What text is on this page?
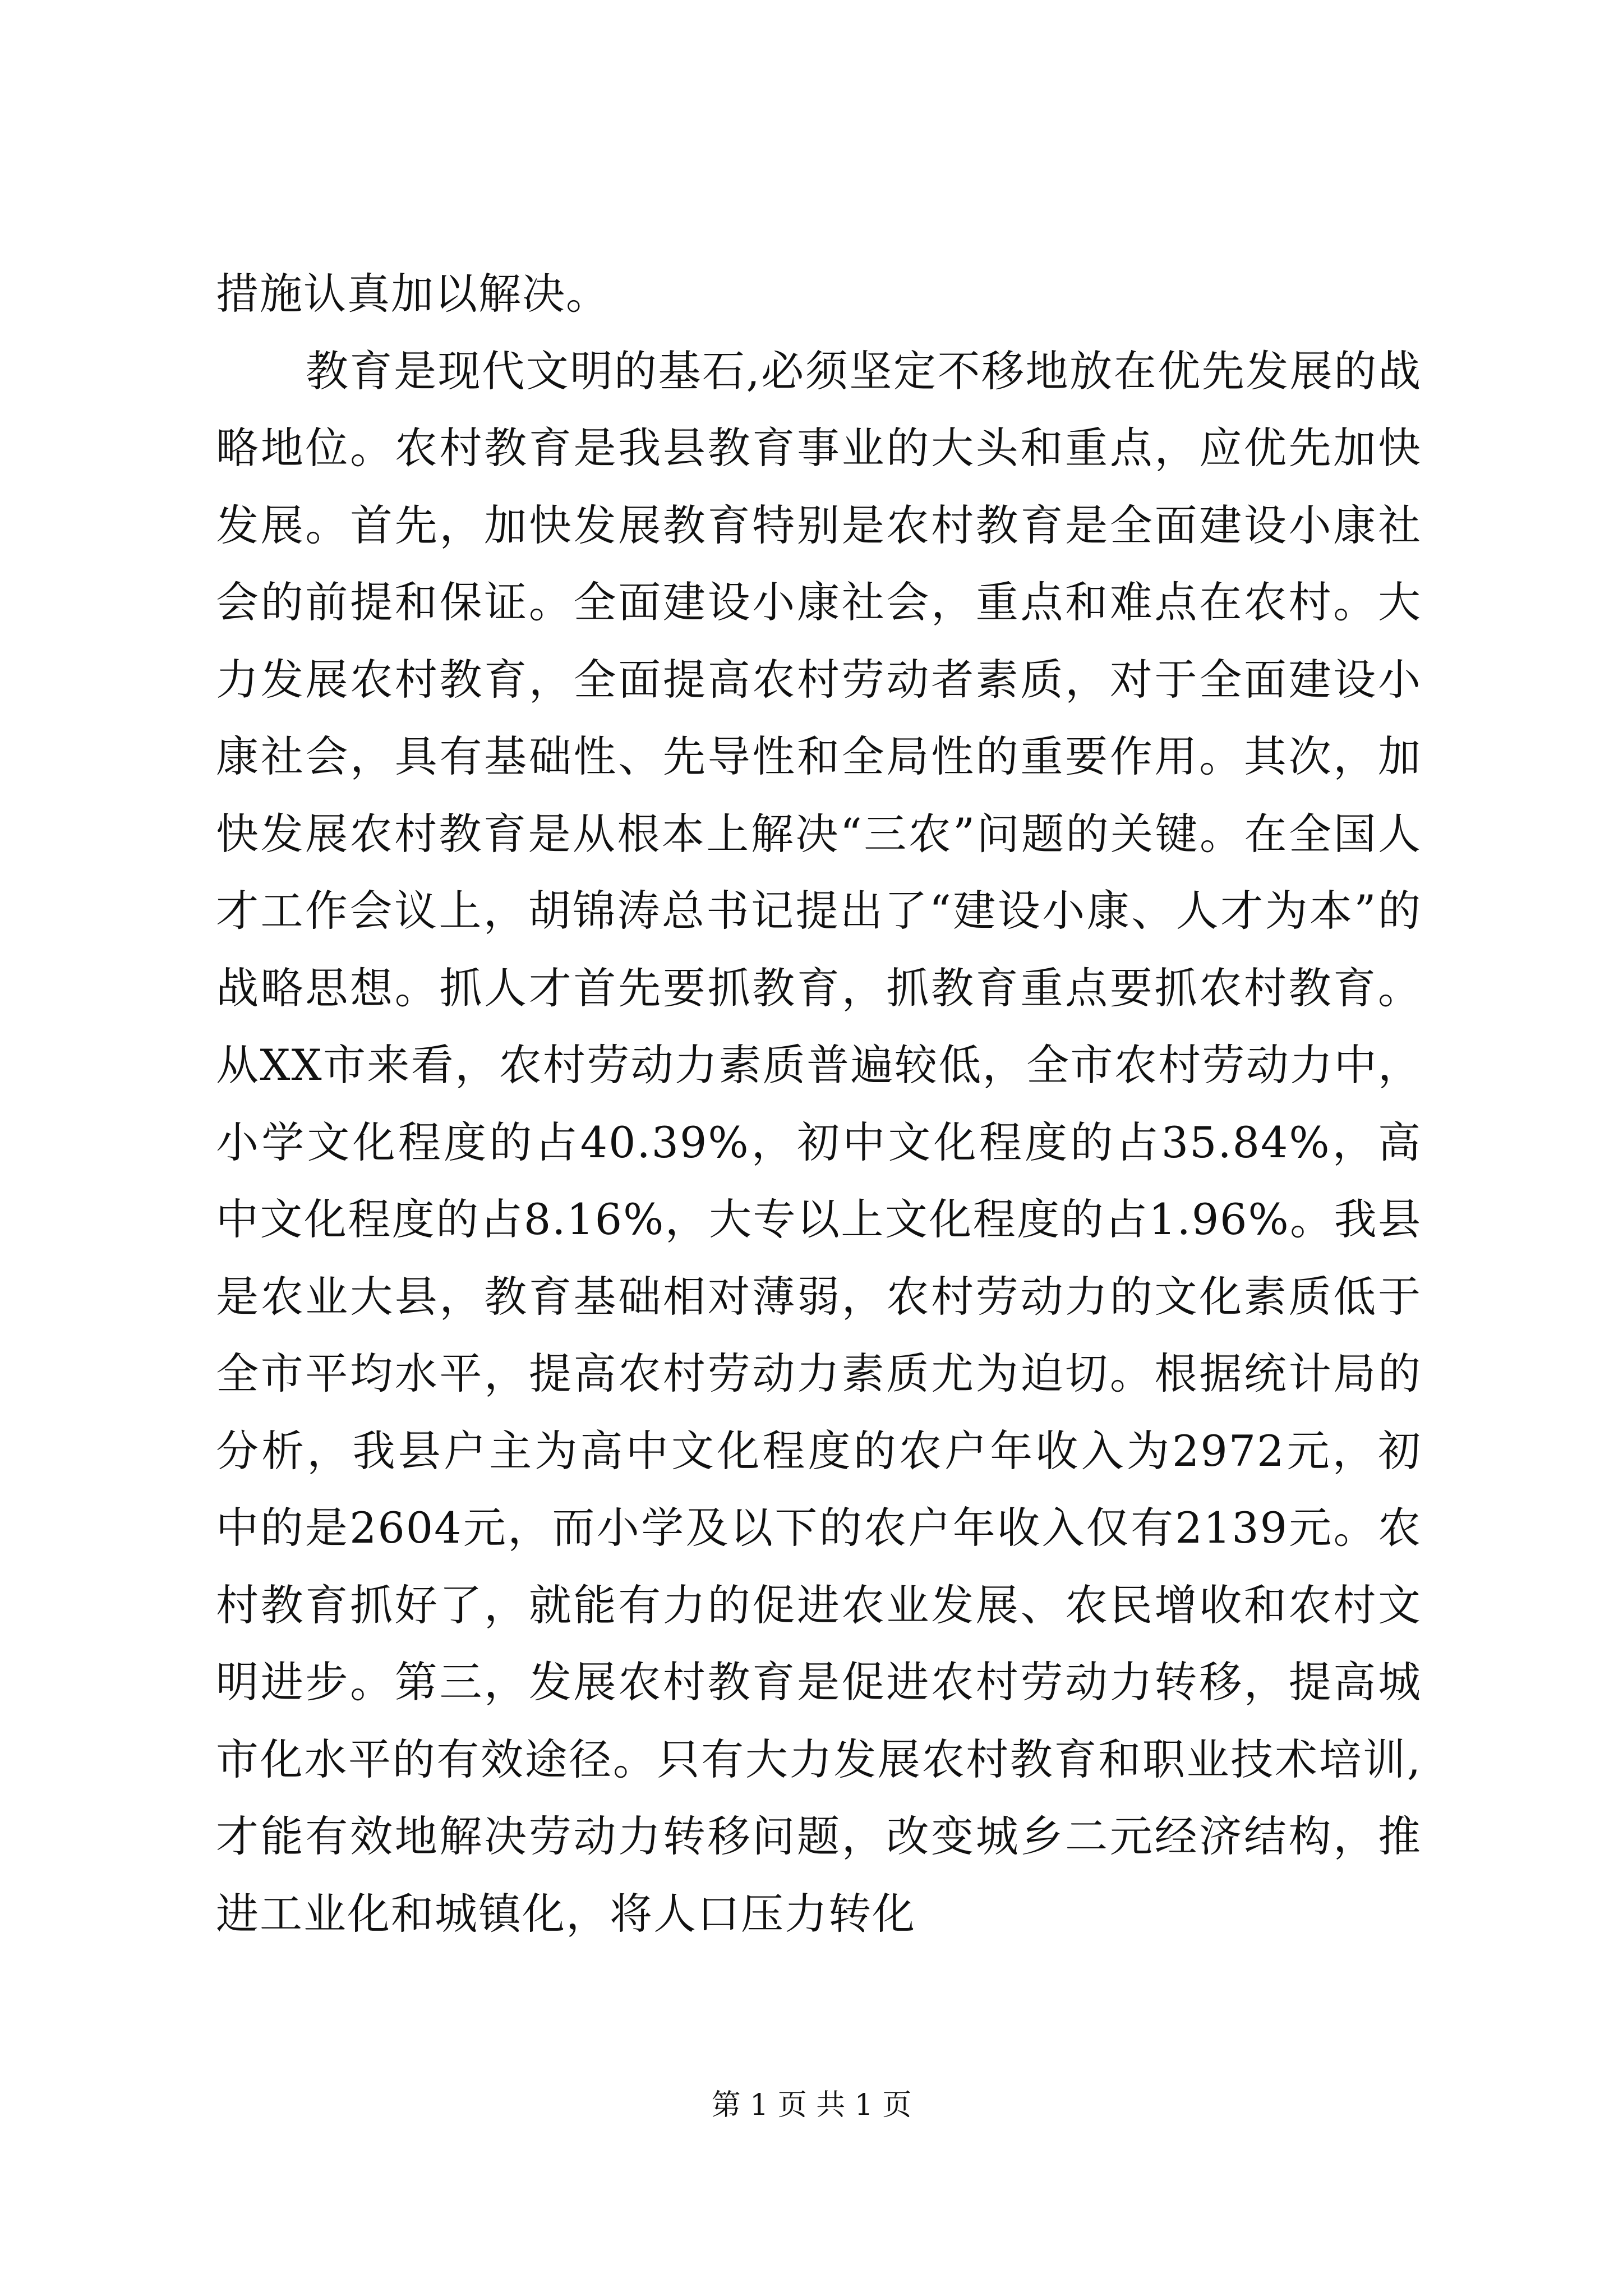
措施认真加以解决。

教育是现代文明的基石,必须坚定不移地放在优先发展的战略地位。农村教育是我县教育事业的大头和重点，应优先加快发展。首先，加快发展教育特别是农村教育是全面建设小康社会的前提和保证。全面建设小康社会，重点和难点在农村。大力发展农村教育，全面提高农村劳动者素质，对于全面建设小康社会，具有基础性、先导性和全局性的重要作用。其次，加快发展农村教育是从根本上解决“三农”问题的关键。在全国人才工作会议上，胡锦涛总书记提出了“建设小康、人才为本”的战略思想。抓人才首先要抓教育，抓教育重点要抓农村教育。从XX市来看，农村劳动力素质普遍较低，全市农村劳动力中，小学文化程度的占40.39%，初中文化程度的占35.84%，高中文化程度的占8.16%，大专以上文化程度的占1.96%。我县是农业大县，教育基础相对薄弱，农村劳动力的文化素质低于全市平均水平，提高农村劳动力素质尤为迫切。根据统计局的分析，我县户主为高中文化程度的农户年收入为2972元，初中的是2604元，而小学及以下的农户年收入仅有2139元。农村教育抓好了，就能有力的促进农业发展、农民增收和农村文明进步。第三，发展农村教育是促进农村劳动力转移，提高城市化水平的有效途径。只有大力发展农村教育和职业技术培训,才能有效地解决劳动力转移问题，改变城乡二元经济结构，推进工业化和城镇化，将人口压力转化

第 1 页 共 1 页
